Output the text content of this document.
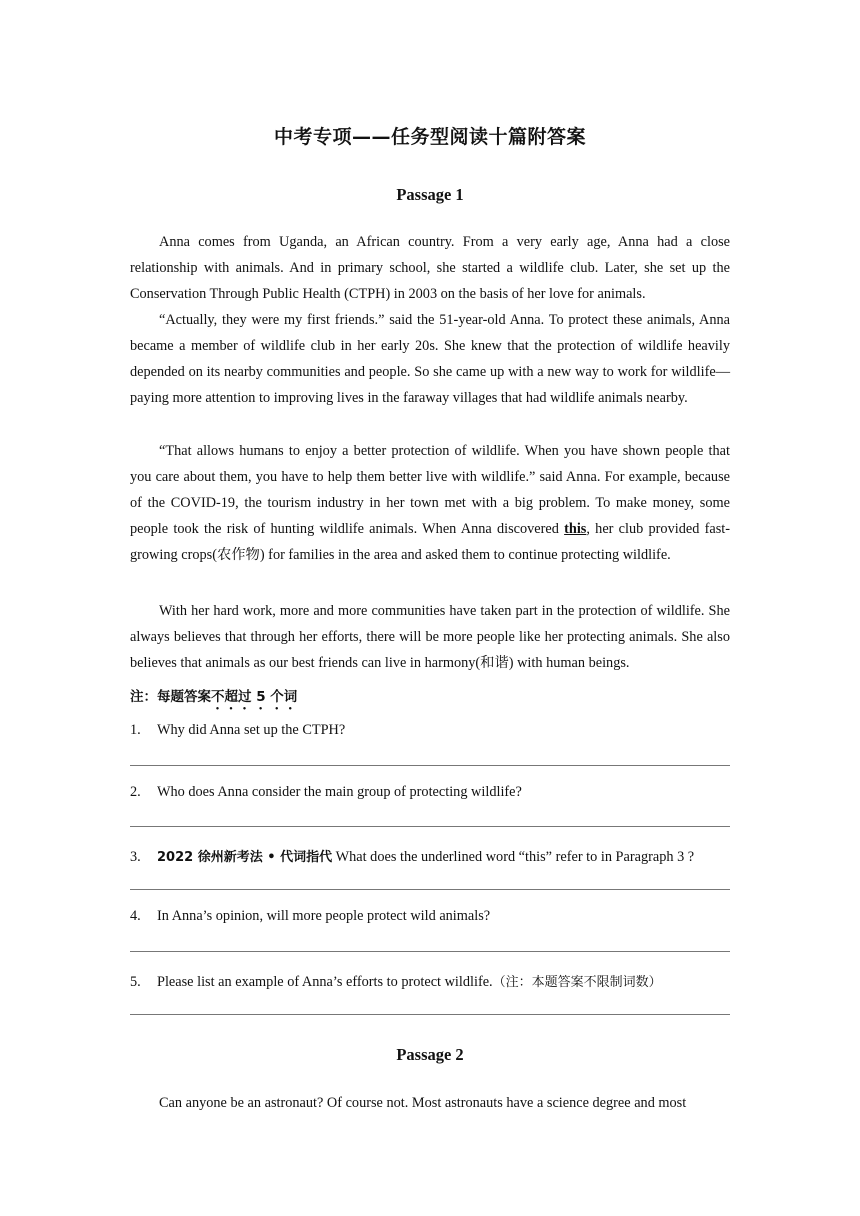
中考专项——任务型阅读十篇附答案
Passage 1

Anna comes from Uganda, an African country. From a very early age, Anna had a close relationship with animals. And in primary school, she started a wildlife club. Later, she set up the Conservation Through Public Health (CTPH) in 2003 on the basis of her love for animals.

“Actually, they were my first friends.” said the 51-year-old Anna. To protect these animals, Anna became a member of wildlife club in her early 20s. She knew that the protection of wildlife heavily depended on its nearby communities and people. So she came up with a new way to work for wildlife—paying more attention to improving lives in the faraway villages that had wildlife animals nearby.

“That allows humans to enjoy a better protection of wildlife. When you have shown people that you care about them, you have to help them better live with wildlife.” said Anna. For example, because of the COVID-19, the tourism industry in her town met with a big problem. To make money, some people took the risk of hunting wildlife animals. When Anna discovered this, her club provided fast-growing crops(农作物) for families in the area and asked them to continue protecting wildlife.

With her hard work, more and more communities have taken part in the protection of wildlife. She always believes that through her efforts, there will be more people like her protecting animals. She also believes that animals as our best friends can live in harmony(和谐) with human beings.

注：每题答案不超过 5 个词
1. Why did Anna set up the CTPH?
2. Who does Anna consider the main group of protecting wildlife?
3. 2022 徐州新考法 • 代词指代 What does the underlined word “this” refer to in Paragraph 3 ?
4. In Anna’s opinion, will more people protect wild animals?
5. Please list an example of Anna’s efforts to protect wildlife.（注：本题答案不限制词数）
Passage 2

Can anyone be an astronaut? Of course not. Most astronauts have a science degree and most
